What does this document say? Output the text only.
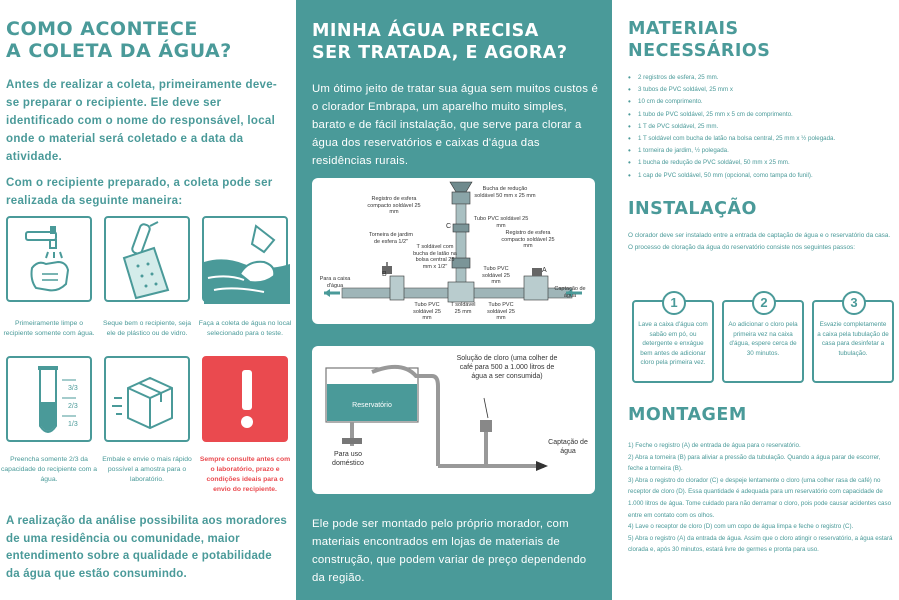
COMO ACONTECE
A COLETA DA ÁGUA?

Antes de realizar a coleta, primeiramente deve-se preparar o recipiente. Ele deve ser identificado com o nome do responsável, local onde o material será coletado e a data da atividade.

Com o recipiente preparado, a coleta pode ser realizada da seguinte maneira:

Primeiramente limpe o recipiente somente com água.
Seque bem o recipiente, seja ele de plástico ou de vidro.
Faça a coleta de água no local selecionado para o teste.
3/3
2/3
1/3
Preencha somente 2/3 da capacidade do recipiente com a água.
Embale e envie o mais rápido possível a amostra para o laboratório.
Sempre consulte antes com o laboratório, prazo e condições ideais para o envio do recipiente.

A realização da análise possibilita aos moradores de uma residência ou comunidade, maior entendimento sobre a qualidade e potabilidade da água que estão consumindo.

MINHA ÁGUA PRECISA
SER TRATADA, E AGORA?

Um ótimo jeito de tratar sua água sem muitos custos é o clorador Embrapa, um aparelho muito simples, barato e de fácil instalação, que serve para clorar a água dos reservatórios e caixas d'água das residências rurais.

B
A
C
Bucha de redução soldável 50 mm x 25 mm
Registro de esfera compacto soldável 25 mm
Tubo PVC soldável 25 mm
Torneira de jardim de esfera 1/2"
T soldável com bucha de latão na bolsa central 25 mm x 1/2"
Registro de esfera compacto soldável 25 mm
Tubo PVC soldável 25 mm
Para a caixa d'água
Captação de água
Tubo PVC soldável 25 mm
T soldável 25 mm
Tubo PVC soldável 25 mm
Solução de cloro (uma colher de café para 500 a 1.000 litros de água a ser consumida)
Reservatório
Para uso doméstico
Captação de água

Ele pode ser montado pelo próprio morador, com materiais encontrados em lojas de materiais de construção, que podem variar de preço dependendo da região.

MATERIAIS
NECESSÁRIOS
• 2 registros de esfera, 25 mm.
• 3 tubos de PVC soldável, 25 mm x
• 10 cm de comprimento.
• 1 tubo de PVC soldável, 25 mm x 5 cm de comprimento.
• 1 T de PVC soldável, 25 mm.
• 1 T soldável com bucha de latão na bolsa central, 25 mm x ½ polegada.
• 1 torneira de jardim, ½ polegada.
• 1 bucha de redução de PVC soldável, 50 mm x 25 mm.
• 1 cap de PVC soldável, 50 mm (opcional, como tampa do funil).
INSTALAÇÃO

O clorador deve ser instalado entre a entrada de captação de água e o reservatório da casa. O processo de cloração da água do reservatório consiste nos seguintes passos:

1
Lave a caixa d'água com sabão em pó, ou detergente e enxágue bem antes de adicionar cloro pela primeira vez.
2
Ao adicionar o cloro pela primeira vez na caixa d'água, espere cerca de 30 minutos.
3
Esvazie completamente a caixa pela tubulação de casa para desinfetar a tubulação.
MONTAGEM

1) Feche o registro (A) de entrada de água para o reservatório.

2) Abra a torneira (B) para aliviar a pressão da tubulação. Quando a água parar de escorrer, feche a torneira (B).

3) Abra o registro do clorador (C) e despeje lentamente o cloro (uma colher rasa de café) no receptor de cloro (D). Essa quantidade é adequada para um reservatório com capacidade de 1.000 litros de água. Tome cuidado para não derramar o cloro, pois pode causar acidentes caso entre em contato com os olhos.

4) Lave o receptor de cloro (D) com um copo de água limpa e feche o registro (C).

5) Abra o registro (A) da entrada de água. Assim que o cloro atingir o reservatório, a água estará clorada e, após 30 minutos, estará livre de germes e pronta para uso.
